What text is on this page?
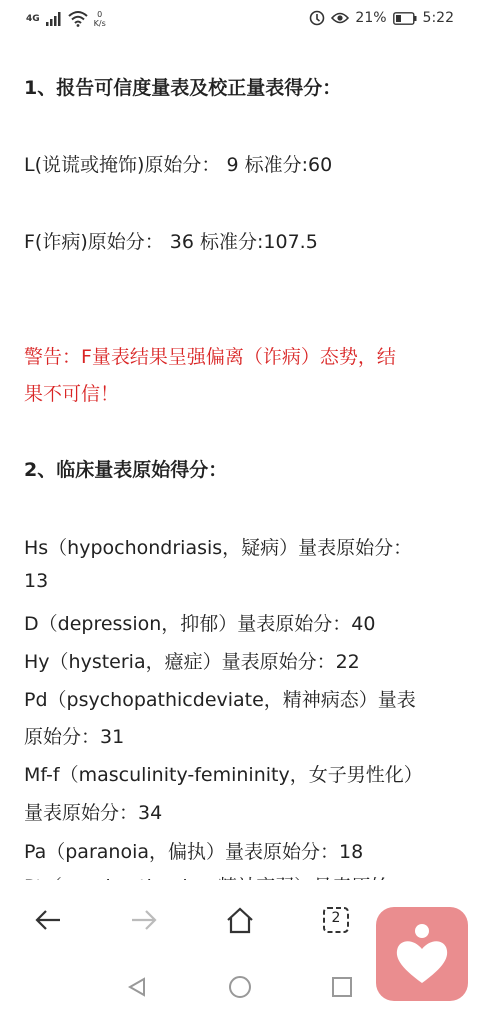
4G	0
K/s	21%	5:22
1、报告可信度量表及校正量表得分：
L(说谎或掩饰)原始分： 9 标准分:60
F(诈病)原始分： 36 标准分:107.5
警告：F量表结果呈强偏离（诈病）态势，结
果不可信！
2、临床量表原始得分：
Hs（hypochondriasis，疑病）量表原始分：
13
D（depression，抑郁）量表原始分：40
Hy（hysteria，癔症）量表原始分：22
Pd（psychopathicdeviate，精神病态）量表
原始分：31
Mf-f（masculinity-femininity，女子男性化）
量表原始分：34
Pa（paranoia，偏执）量表原始分：18
2
